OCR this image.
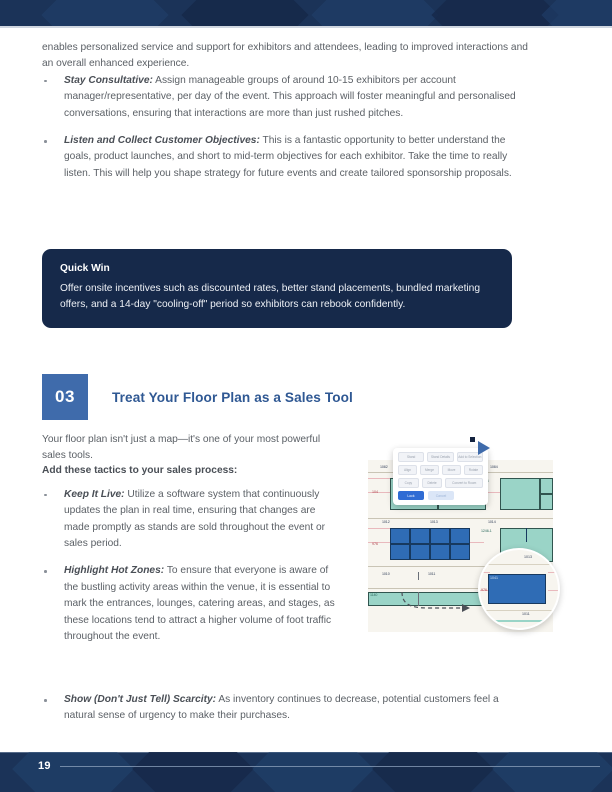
enables personalized service and support for exhibitors and attendees, leading to improved interactions and an overall enhanced experience.

Stay Consultative: Assign manageable groups of around 10-15 exhibitors per account manager/representative, per day of the event. This approach will foster meaningful and personalised conversations, ensuring that interactions are more than just rushed pitches.
Listen and Collect Customer Objectives: This is a fantastic opportunity to better understand the goals, product launches, and short to mid-term objectives for each exhibitor. Take the time to really listen. This will help you shape strategy for future events and create tailored sponsorship proposals.

Quick Win

Offer onsite incentives such as discounted rates, better stand placements, bundled marketing offers, and a 14-day "cooling-off" period so exhibitors can rebook confidently.

03	Treat Your Floor Plan as a Sales Tool

Your floor plan isn't just a map—it's one of your most powerful sales tools.

Add these tactics to your sales process:

Keep It Live: Utilize a software system that continuously updates the plan in real time, ensuring that changes are made promptly as stands are sold throughout the event or sales period.
Highlight Hot Zones: To ensure that everyone is aware of the bustling activity areas within the venue, it is essential to mark the entrances, lounges, catering areas, and stages, as these locations tend to attract a higher volume of foot traffic throughout the event.
Show (Don't Just Tell) Scarcity: As inventory continues to decrease, potential customers feel a natural sense of urgency to make their purchases.
1082
104
1084
1012	1013	1014
976
1246-1
1010	1011
1140
Stand	Stand Details	Add to Selection
Align	Merge	Move	Rotate
Copy	Delete	Convert to Room
Lock	Cancel
1013
1041
976
1011
19
